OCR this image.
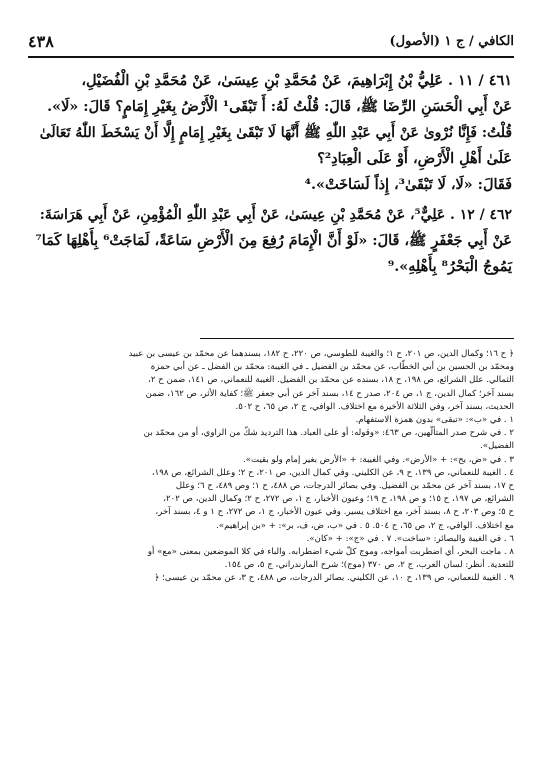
الكافي / ج ١ (الأصول)
٤٣٨

٤٦١ / ١١ . عَلِيُّ بْنُ إِبْرَاهِيمَ، عَنْ مُحَمَّدِ بْنِ عِيسَىٰ، عَنْ مُحَمَّدِ بْنِ الْفُضَيْلِ،

عَنْ أَبِي الْحَسَنِ الرِّضَا ﷺ، قَالَ: قُلْتُ لَهُ: أَ تَبْقَى¹ الْأَرْضُ بِغَيْرِ إِمَامٍ؟ قَالَ: «لَا».

قُلْتُ: فَإِنَّا نُرْوىٰ عَنْ أَبِي عَبْدِ اللّٰهِ ﷺ أَنَّهَا لَا تَبْقَىٰ بِغَيْرِ إِمَامٍ إِلَّا أَنْ يَسْخَطَ اللّٰهُ تَعَالَىٰ

عَلَىٰ أَهْلِ الْأَرْضِ، أَوْ عَلَى الْعِبَادِ²؟

فَقَالَ: «لَا، لَا تَبْقَىٰ³، إِذاً لَسَاخَتْ».⁴

٤٦٢ / ١٢ . عَلِيٌّ⁵، عَنْ مُحَمَّدِ بْنِ عِيسَىٰ، عَنْ أَبِي عَبْدِ اللّٰهِ الْمُؤْمِنِ، عَنْ أَبِي هَرَاسَةَ:

عَنْ أَبِي جَعْفَرٍ ﷺ، قَالَ: «لَوْ أَنَّ الْإِمَامَ رُفِعَ مِنَ الْأَرْضِ سَاعَةً، لَمَاجَتْ⁶ بِأَهْلِهَا كَمَا⁷

يَمُوجُ الْبَحْرُ⁸ بِأَهْلِهِ».⁹

﴿ ح ١٦؛ وكمال الدين، ص ٢٠١، ح ١؛ والغيبة للطوسي، ص ٢٢٠، ح ١٨٢، بسندهما عن محمّد بن عيسى بن عبيد

ومحمّد بن الحسين بن أبي الخطّاب، عن محمّد بن الفضيل ـ في الغيبة: محمّد بن الفضل ـ عن أبي حمزة

الثمالي. علل الشرائع، ص ١٩٨، ح ١٨، بسنده عن محمّد بن الفضيل. الغيبة للنعماني، ص ١٤١، ضمن ح ٢،

بسند آخر؛ كمال الدين، ج ١، ص ٢٠٤، صدر ح ١٤، بسند آخر عن أبي جعفر ﷺ؛ كفاية الأثر، ص ١٦٢، ضمن

الحديث، بسند آخر، وفي الثلاثة الأخيرة مع اختلاف. الوافي، ج ٢، ص ٦٥، ح ٥٠٢.

١ . في «ب»: «تبقى» بدون همزة الاستفهام.

٢ . في شرح صدر المتألّهين، ص ٤٦٣: «وقوله: أو على العباد. هذا الترديد شكّ من الراوي، أو من محمّد بن

الفضيل».

٣ . في «ض، بح»: + «الأرض». وفي الغيبة: + «الأرض بغير إمام ولو بقيت».

٤ . الغيبة للنعماني، ص ١٣٩، ح ٩، عن الكليني. وفي كمال الدين، ص ٢٠١، ح ٢؛ وعلل الشرائع، ص ١٩٨،

ح ١٧، بسند آخر عن محمّد بن الفضيل. وفي بصائر الدرجات، ص ٤٨٨، ح ١؛ وص ٤٨٩، ح ٦؛ وعلل

الشرائع، ص ١٩٧، ح ١٥؛ و ص ١٩٨، ح ١٩؛ وعيون الأخبار، ج ١، ص ٢٧٢، ح ٢؛ وكمال الدين، ص ٢٠٢،

ح ٥؛ وص ٢٠٣، ح ٨، بسند آخر، مع اختلاف يسير. وفي عيون الأخبار، ج ١، ص ٢٧٢، ح ١ و ٤، بسند آخر،

مع اختلاف. الوافي، ج ٢، ص ٦٥، ح ٥٠٤. ٥ . في «ب، ض، ف، بر»: + «بن إبراهيم».

٦ . في الغيبة والبصائر: «ساخت». ٧ . في «ج»: + «كان».

٨ . ماجت البحر، أي اضطربت أمواجه، وموج كلّ شيء اضطرابه. والباء في كلا الموضعين بمعنى «مع» أو

للتعدية. أنظر: لسان العرب، ج ٢، ص ٣٧٠ (موج)؛ شرح المازندراني، ج ٥، ص ١٥٤.

٩ . الغيبة للنعماني، ص ١٣٩، ح ١٠، عن الكليني. بصائر الدرجات، ص ٤٨٨، ح ٣، عن محمّد بن عيسى؛ ﴿
